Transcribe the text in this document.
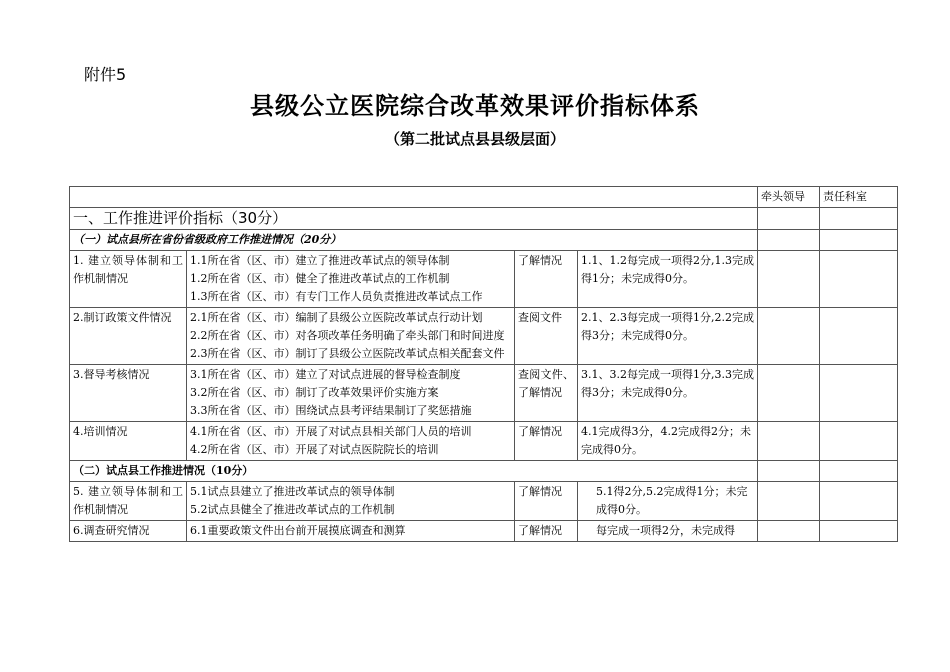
附件5
县级公立医院综合改革效果评价指标体系
（第二批试点县县级层面）
				牵头领导	责任科室
一、工作推进评价指标（30分）					
（一）试点县所在省份省级政府工作推进情况（20分）					
1. 建立领导体制和工作机制情况	1.1所在省（区、市）建立了推进改革试点的领导体制
1.2所在省（区、市）健全了推进改革试点的工作机制
1.3所在省（区、市）有专门工作人员负责推进改革试点工作	了解情况	1.1、1.2每完成一项得2分,1.3完成得1分；未完成得0分。		
2.制订政策文件情况	2.1所在省（区、市）编制了县级公立医院改革试点行动计划
2.2所在省（区、市）对各项改革任务明确了牵头部门和时间进度
2.3所在省（区、市）制订了县级公立医院改革试点相关配套文件	查阅文件	2.1、2.3每完成一项得1分,2.2完成得3分；未完成得0分。		
3.督导考核情况	3.1所在省（区、市）建立了对试点进展的督导检查制度
3.2所在省（区、市）制订了改革效果评价实施方案
3.3所在省（区、市）围绕试点县考评结果制订了奖惩措施	查阅文件、了解情况	3.1、3.2每完成一项得1分,3.3完成得3分；未完成得0分。		
4.培训情况	4.1所在省（区、市）开展了对试点县相关部门人员的培训
4.2所在省（区、市）开展了对试点医院院长的培训	了解情况	4.1完成得3分，4.2完成得2分；未完成得0分。		
（二）试点县工作推进情况（10分）					
5. 建立领导体制和工作机制情况	5.1试点县建立了推进改革试点的领导体制
5.2试点县健全了推进改革试点的工作机制	了解情况	5.1得2分,5.2完成得1分；未完成得0分。		
6.调查研究情况	6.1重要政策文件出台前开展摸底调查和测算	了解情况	每完成一项得2分，未完成得		
